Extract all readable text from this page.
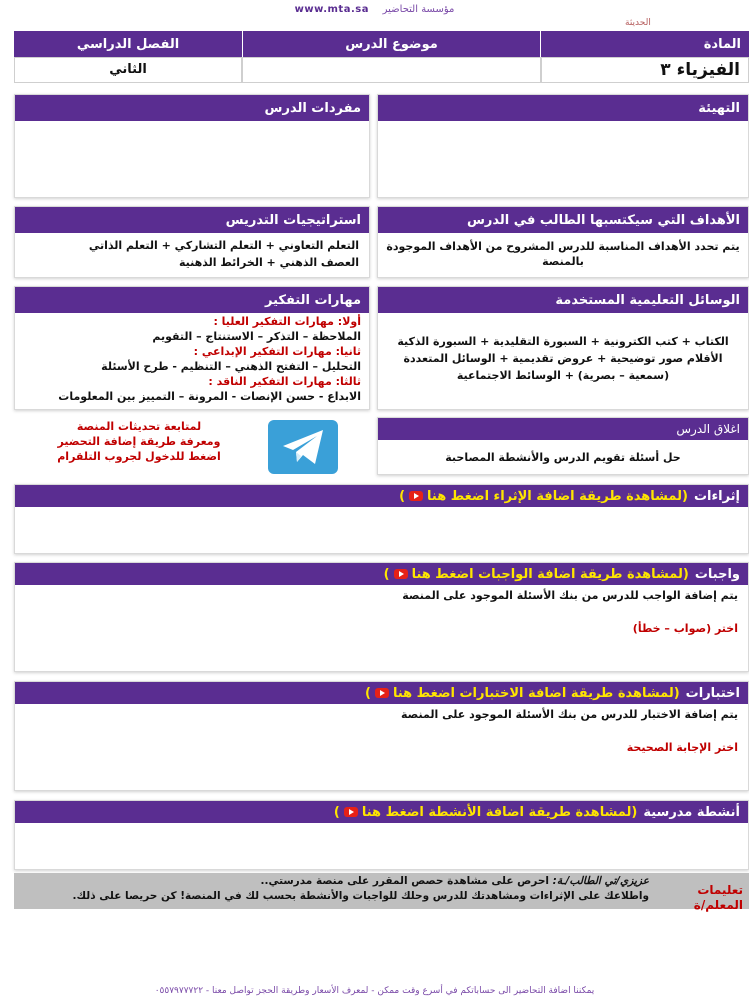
www.mta.sa مؤسسة التحاضير
الحديثة
المادة
موضوع الدرس
الفصل الدراسي
الفيزياء ٣
الثاني
التهيئة
مفردات الدرس
الأهداف التي سيكتسبها الطالب في الدرس
يتم تحدد الأهداف المناسبة للدرس المشروح من الأهداف الموجودة بالمنصة
استراتيجيات التدريس
التعلم التعاوني + التعلم التشاركي + التعلم الذاتي
العصف الذهني + الخرائط الذهنية
الوسائل التعليمية المستخدمة
الكتاب + كتب الكترونية + السبورة التقليدية + السبورة الذكية
الأقلام صور توضيحية + عروض تقديمية + الوسائل المتعددة
(سمعية – بصرية) + الوسائط الاجتماعية
مهارات التفكير
أولا: مهارات التفكير العليا :
الملاحظة – التذكر – الاستنتاج – التقويم
ثانيا: مهارات التفكير الإبداعي :
التحليل – التفتح الذهني – التنظيم - طرح الأسئلة
ثالثا: مهارات التفكير الناقد :
الابداع - حسن الإنصات - المرونة – التمييز بين المعلومات
اغلاق الدرس
حل أسئلة تقويم الدرس والأنشطة المصاحبة
لمتابعة تحديثات المنصة
ومعرفة طريقة إضافة التحضير
اضغط للدخول لجروب التلقرام
إثراءات
(لمشاهدة طريقة اضافة الإثراء اضغط هنا)
واجبات
(لمشاهدة طريقة اضافة الواجبات اضغط هنا)
يتم إضافة الواجب للدرس من بنك الأسئلة الموجود على المنصة
اختر (صواب – خطأ)
اختبارات
(لمشاهدة طريقة اضافة الاختبارات اضغط هنا)
يتم إضافة الاختبار للدرس من بنك الأسئلة الموجود على المنصة
اختر الإجابة الصحيحة
أنشطة مدرسية
(لمشاهدة طريقة اضافة الأنشطة اضغط هنا)
تعليمات المعلم/ة
عزيزي/تي الطالب/ـة: احرص على مشاهدة حصص المقرر على منصة مدرستي..
واطلاعك على الإثراءات ومشاهدتك للدرس وحلك للواجبات والأنشطة بحسب لك في المنصة! كن حريصا على ذلك.
يمكننا اضافة التحاضير الى حساباتكم في أسرع وقت ممكن - لمعرف الأسعار وطريقة الحجز تواصل معنا - ٠٥٥٧٩٧٧٧٢٢
